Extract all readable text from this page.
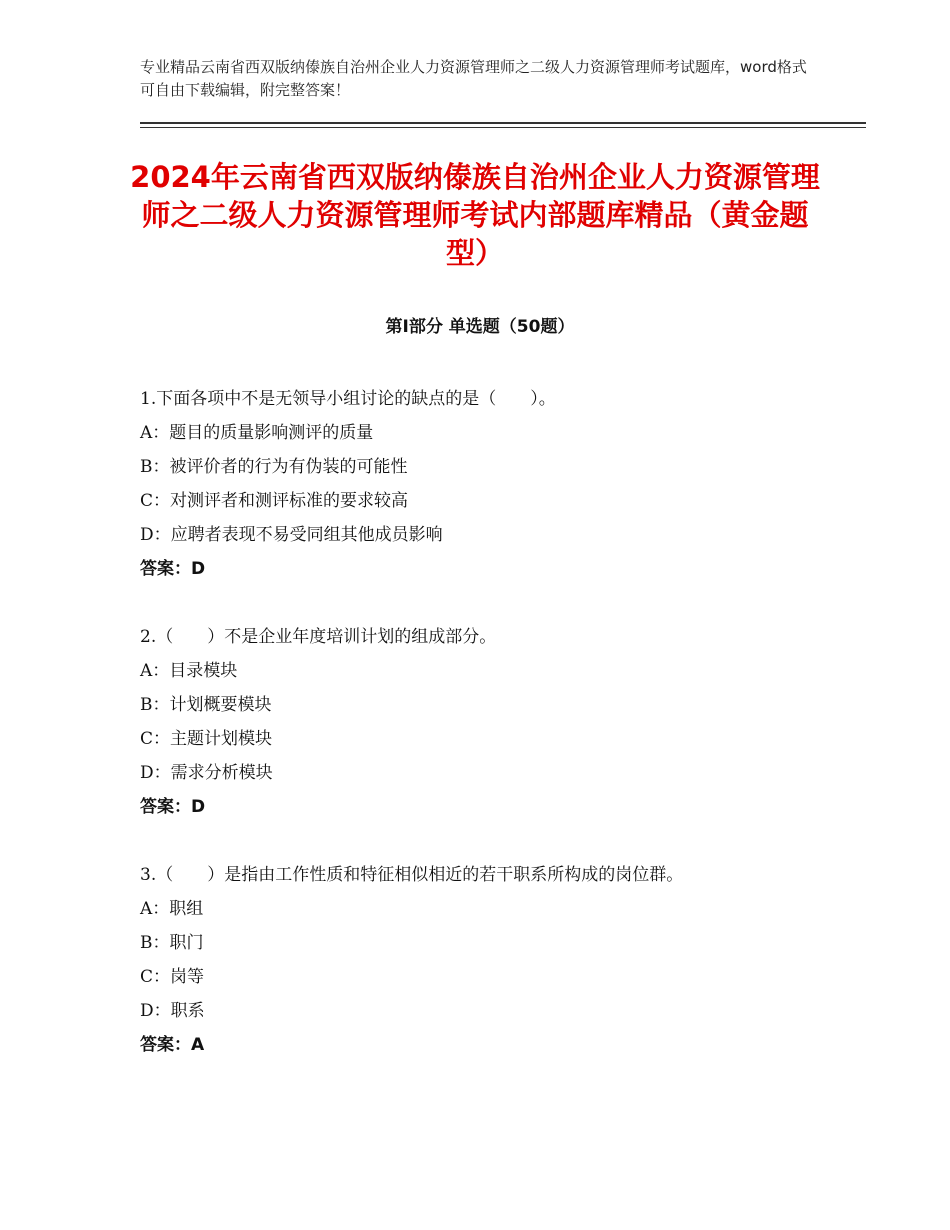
专业精品云南省西双版纳傣族自治州企业人力资源管理师之二级人力资源管理师考试题库，word格式可自由下载编辑，附完整答案！
2024年云南省西双版纳傣族自治州企业人力资源管理师之二级人力资源管理师考试内部题库精品（黄金题型）
第Ⅰ部分 单选题（50题）
1.下面各项中不是无领导小组讨论的缺点的是（　　）。
A：题目的质量影响测评的质量
B：被评价者的行为有伪装的可能性
C：对测评者和测评标准的要求较高
D：应聘者表现不易受同组其他成员影响
答案：D
2.（　　）不是企业年度培训计划的组成部分。
A：目录模块
B：计划概要模块
C：主题计划模块
D：需求分析模块
答案：D
3.（　　）是指由工作性质和特征相似相近的若干职系所构成的岗位群。
A：职组
B：职门
C：岗等
D：职系
答案：A
